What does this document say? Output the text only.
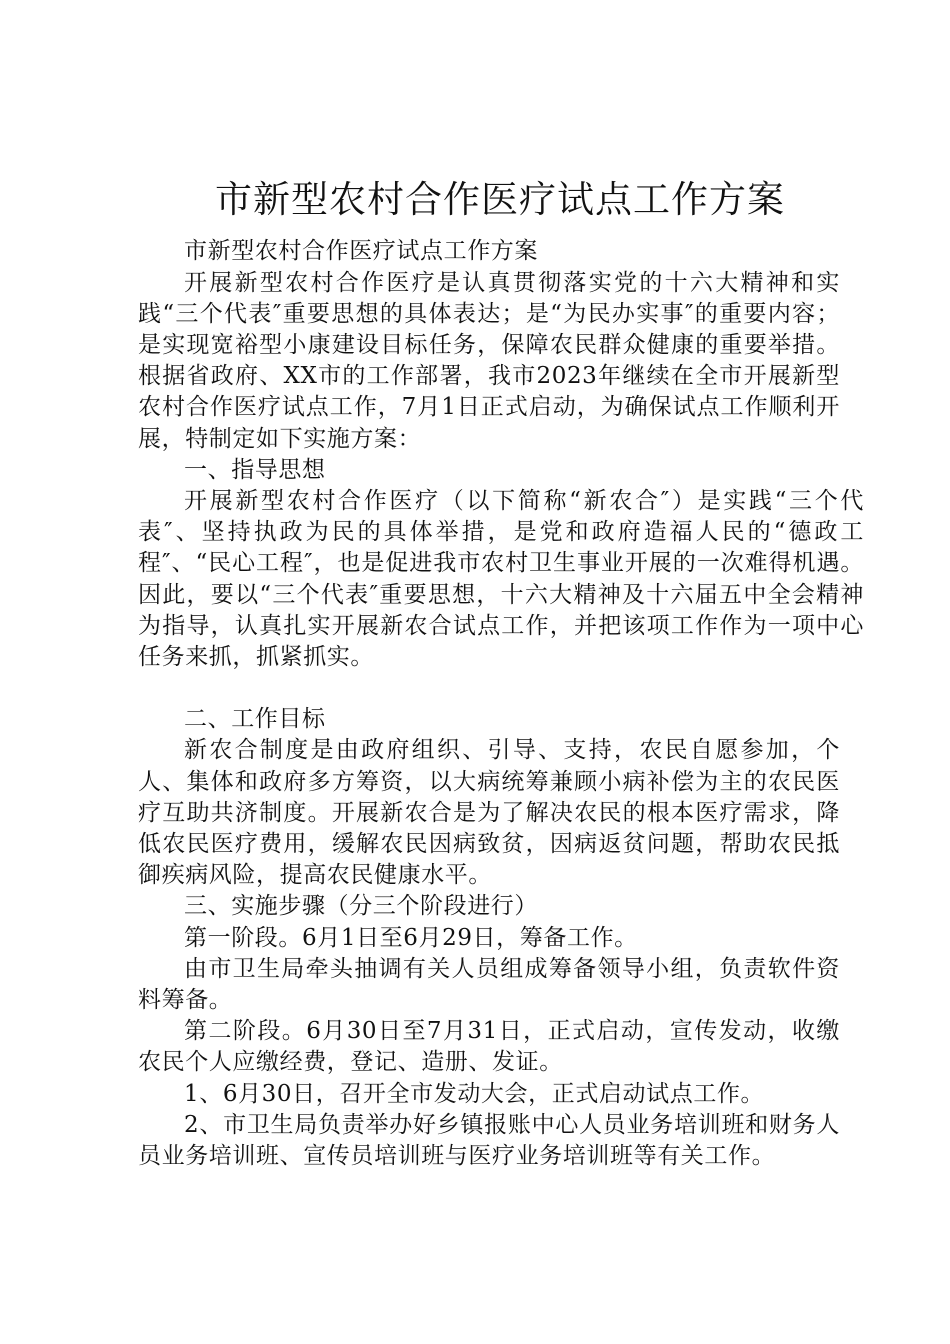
市新型农村合作医疗试点工作方案

市新型农村合作医疗试点工作方案

开展新型农村合作医疗是认真贯彻落实党的十六大精神和实践“三个代表″重要思想的具体表达；是“为民办实事″的重要内容；是实现宽裕型小康建设目标任务，保障农民群众健康的重要举措。根据省政府、XX市的工作部署，我市2023年继续在全市开展新型农村合作医疗试点工作，7月1日正式启动，为确保试点工作顺利开展，特制定如下实施方案：

一、指导思想

开展新型农村合作医疗（以下简称“新农合″）是实践“三个代表″、坚持执政为民的具体举措，是党和政府造福人民的“德政工程″、“民心工程″，也是促进我市农村卫生事业开展的一次难得机遇。因此，要以“三个代表″重要思想，十六大精神及十六届五中全会精神为指导，认真扎实开展新农合试点工作，并把该项工作作为一项中心任务来抓，抓紧抓实。

二、工作目标

新农合制度是由政府组织、引导、支持，农民自愿参加，个人、集体和政府多方筹资，以大病统筹兼顾小病补偿为主的农民医疗互助共济制度。开展新农合是为了解决农民的根本医疗需求，降低农民医疗费用，缓解农民因病致贫，因病返贫问题，帮助农民抵御疾病风险，提高农民健康水平。

三、实施步骤（分三个阶段进行）

第一阶段。6月1日至6月29日，筹备工作。

由市卫生局牵头抽调有关人员组成筹备领导小组，负责软件资料筹备。

第二阶段。6月30日至7月31日，正式启动，宣传发动，收缴农民个人应缴经费，登记、造册、发证。

1、6月30日，召开全市发动大会，正式启动试点工作。

2、市卫生局负责举办好乡镇报账中心人员业务培训班和财务人员业务培训班、宣传员培训班与医疗业务培训班等有关工作。
